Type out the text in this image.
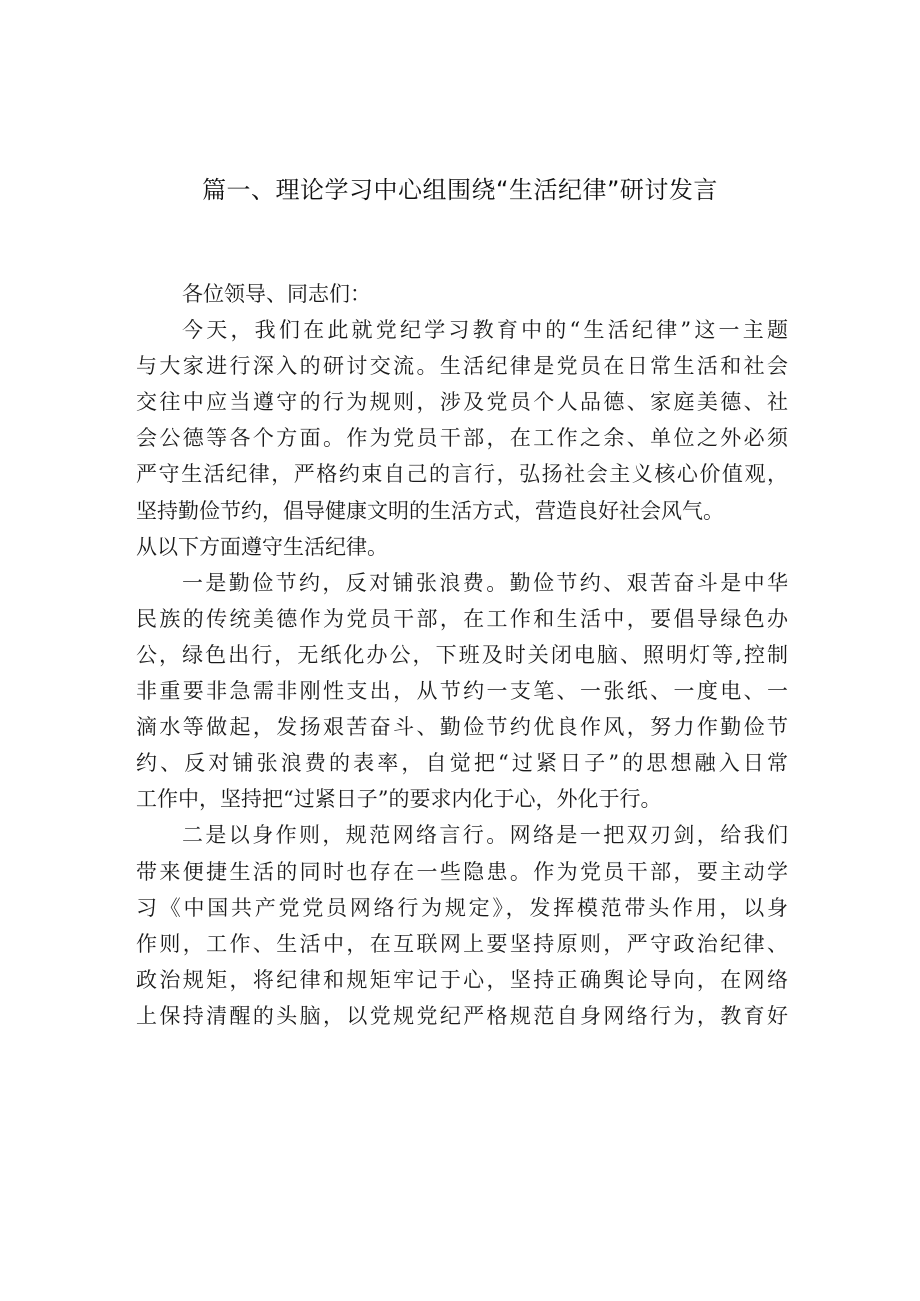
篇一、理论学习中心组围绕“生活纪律”研讨发言
各位领导、同志们：
今天，我们在此就党纪学习教育中的“生活纪律”这一主题
与大家进行深入的研讨交流。生活纪律是党员在日常生活和社会
交往中应当遵守的行为规则，涉及党员个人品德、家庭美德、社
会公德等各个方面。作为党员干部，在工作之余、单位之外必须
严守生活纪律，严格约束自己的言行，弘扬社会主义核心价值观，
坚持勤俭节约，倡导健康文明的生活方式，营造良好社会风气。
从以下方面遵守生活纪律。
一是勤俭节约，反对铺张浪费。勤俭节约、艰苦奋斗是中华
民族的传统美德作为党员干部，在工作和生活中，要倡导绿色办
公，绿色出行，无纸化办公，下班及时关闭电脑、照明灯等,控制
非重要非急需非刚性支出，从节约一支笔、一张纸、一度电、一
滴水等做起，发扬艰苦奋斗、勤俭节约优良作风，努力作勤俭节
约、反对铺张浪费的表率，自觉把“过紧日子”的思想融入日常
工作中，坚持把“过紧日子”的要求内化于心，外化于行。
二是以身作则，规范网络言行。网络是一把双刃剑，给我们
带来便捷生活的同时也存在一些隐患。作为党员干部，要主动学
习《中国共产党党员网络行为规定》，发挥模范带头作用，以身
作则，工作、生活中，在互联网上要坚持原则，严守政治纪律、
政治规矩，将纪律和规矩牢记于心，坚持正确舆论导向，在网络
上保持清醒的头脑，以党规党纪严格规范自身网络行为，教育好
